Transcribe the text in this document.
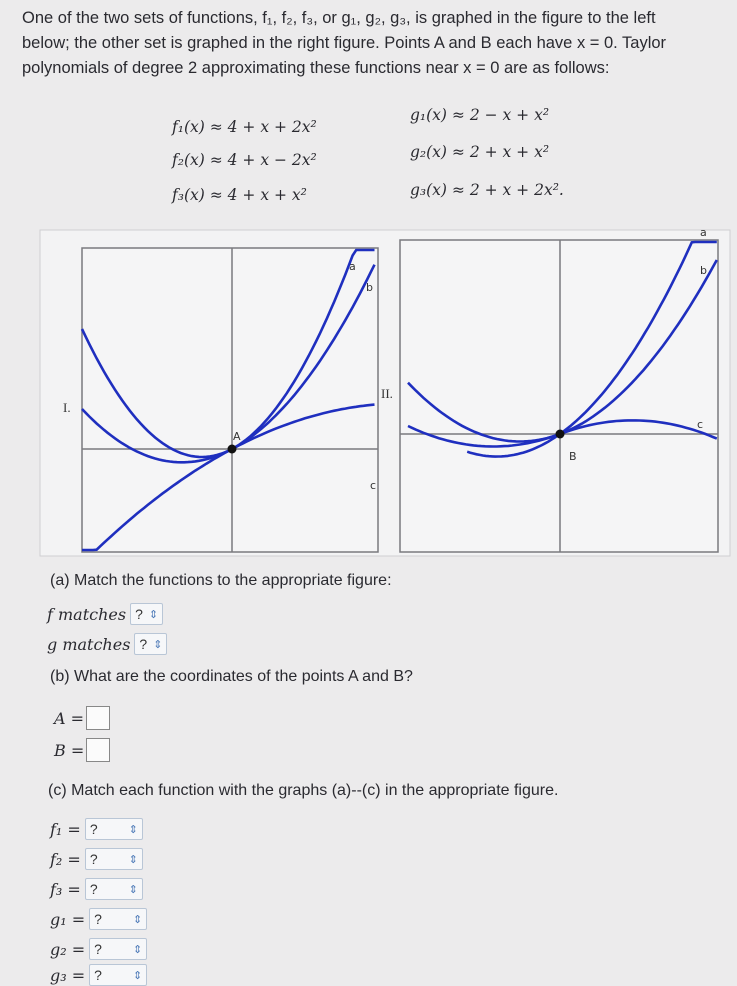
One of the two sets of functions, f₁, f₂, f₃, or g₁, g₂, g₃, is graphed in the figure to the left

below; the other set is graphed in the right figure. Points A and B each have x = 0. Taylor

polynomials of degree 2 approximating these functions near x = 0 are as follows:

f₁(x) ≈ 4 + x + 2x²
f₂(x) ≈ 4 + x − 2x²
f₃(x) ≈ 4 + x + x²
g₁(x) ≈ 2 − x + x²
g₂(x) ≈ 2 + x + x²
g₃(x) ≈ 2 + x + 2x².
A
a
b
c
I.
II.
B
a
b
c
(a) Match the functions to the appropriate figure:
f matches ? ⇕
g matches ? ⇕
(b) What are the coordinates of the points A and B?
A =
B =
(c) Match each function with the graphs (a)--(c) in the appropriate figure.
f₁ = ?	⇕
f₂ = ?	⇕
f₃ = ?	⇕
g₁ = ?	⇕
g₂ = ?	⇕
g₃ = ?	⇕
